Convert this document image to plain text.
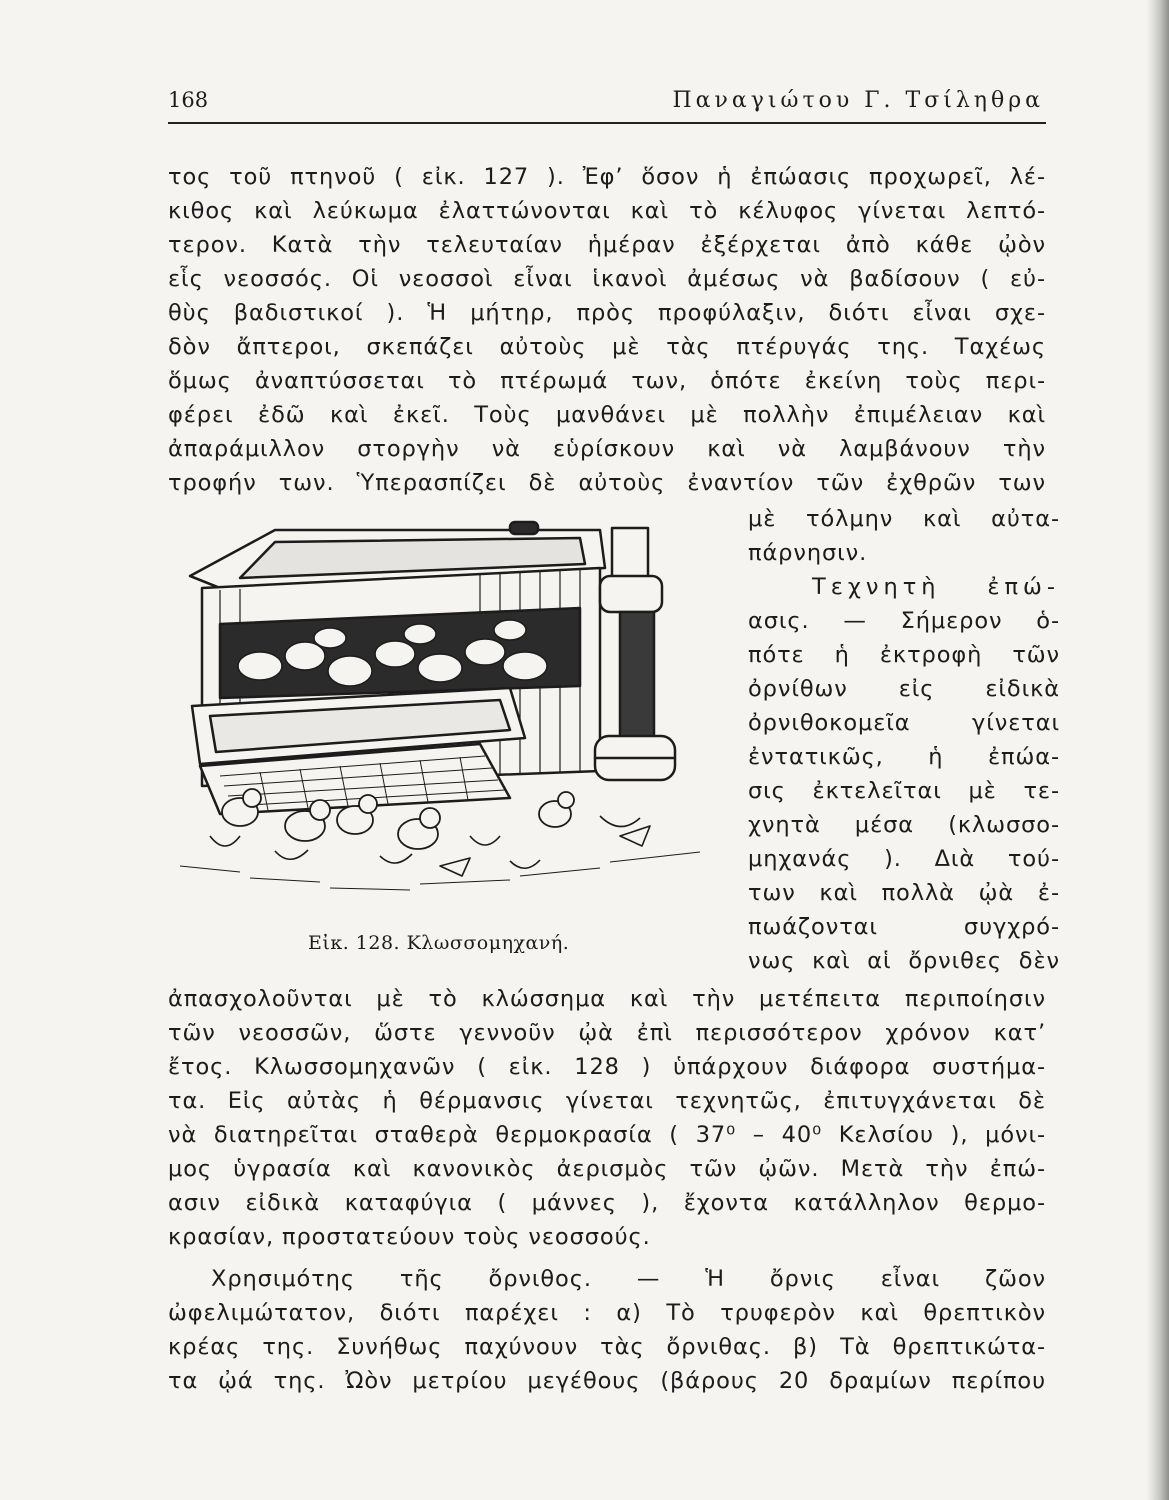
168	Παναγιώτου Γ. Τσίληθρα
τος τοῦ πτηνοῦ ( εἰκ. 127 ). Ἐφ’ ὅσον ἡ ἐπώασις προχωρεῖ, λέ-
κιθος καὶ λεύκωμα ἐλαττώνονται καὶ τὸ κέλυφος γίνεται λεπτό-
τερον. Κατὰ τὴν τελευταίαν ἡμέραν ἐξέρχεται ἀπὸ κάθε ᾠὸν
εἷς νεοσσός. Οἱ νεοσσοὶ εἶναι ἱκανοὶ ἀμέσως νὰ βαδίσουν ( εὐ-
θὺς βαδιστικοί ). Ἡ μήτηρ, πρὸς προφύλαξιν, διότι εἶναι σχε-
δὸν ἄπτεροι, σκεπάζει αὐτοὺς μὲ τὰς πτέρυγάς της. Ταχέως
ὅμως ἀναπτύσσεται τὸ πτέρωμά των, ὁπότε ἐκείνη τοὺς περι-
φέρει ἐδῶ καὶ ἐκεῖ. Τοὺς μανθάνει μὲ πολλὴν ἐπιμέλειαν καὶ
ἀπαράμιλλον στοργὴν νὰ εὑρίσκουν καὶ νὰ λαμβάνουν τὴν
τροφήν των. Ὑπερασπίζει δὲ αὐτοὺς ἐναντίον τῶν ἐχθρῶν των
μὲ τόλμην καὶ αὐτα-
πάρνησιν.
Τεχνητὴ ἐπώ-
ασις. — Σήμερον ὁ-
πότε ἡ ἐκτροφὴ τῶν
ὀρνίθων εἰς εἰδικὰ
ὀρνιθοκομεῖα γίνεται
ἐντατικῶς, ἡ ἐπώα-
σις ἐκτελεῖται μὲ τε-
χνητὰ μέσα (κλωσσο-
μηχανάς ). Διὰ τού-
των καὶ πολλὰ ᾠὰ ἐ-
πωάζονται συγχρό-
νως καὶ αἱ ὄρνιθες δὲν
Εἰκ. 128. Κλωσσομηχανή.
ἀπασχολοῦνται μὲ τὸ κλώσσημα καὶ τὴν μετέπειτα περιποίησιν
τῶν νεοσσῶν, ὥστε γεννοῦν ᾠὰ ἐπὶ περισσότερον χρόνον κατ’
ἔτος. Κλωσσομηχανῶν ( εἰκ. 128 ) ὑπάρχουν διάφορα συστήμα-
τα. Εἰς αὐτὰς ἡ θέρμανσις γίνεται τεχνητῶς, ἐπιτυγχάνεται δὲ
νὰ διατηρεῖται σταθερὰ θερμοκρασία ( 37⁰ – 40⁰ Κελσίου ), μόνι-
μος ὑγρασία καὶ κανονικὸς ἀερισμὸς τῶν ᾠῶν. Μετὰ τὴν ἐπώ-
ασιν εἰδικὰ καταφύγια ( μάννες ), ἔχοντα κατάλληλον θερμο-
κρασίαν, προστατεύουν τοὺς νεοσσούς.
Χρησιμότης τῆς ὄρνιθος. — Ἡ ὄρνις εἶναι ζῶον
ὠφελιμώτατον, διότι παρέχει : α) Τὸ τρυφερὸν καὶ θρεπτικὸν
κρέας της. Συνήθως παχύνουν τὰς ὄρνιθας. β) Τὰ θρεπτικώτα-
τα ᾠά της. Ὠὸν μετρίου μεγέθους (βάρους 20 δραμίων περίπου
